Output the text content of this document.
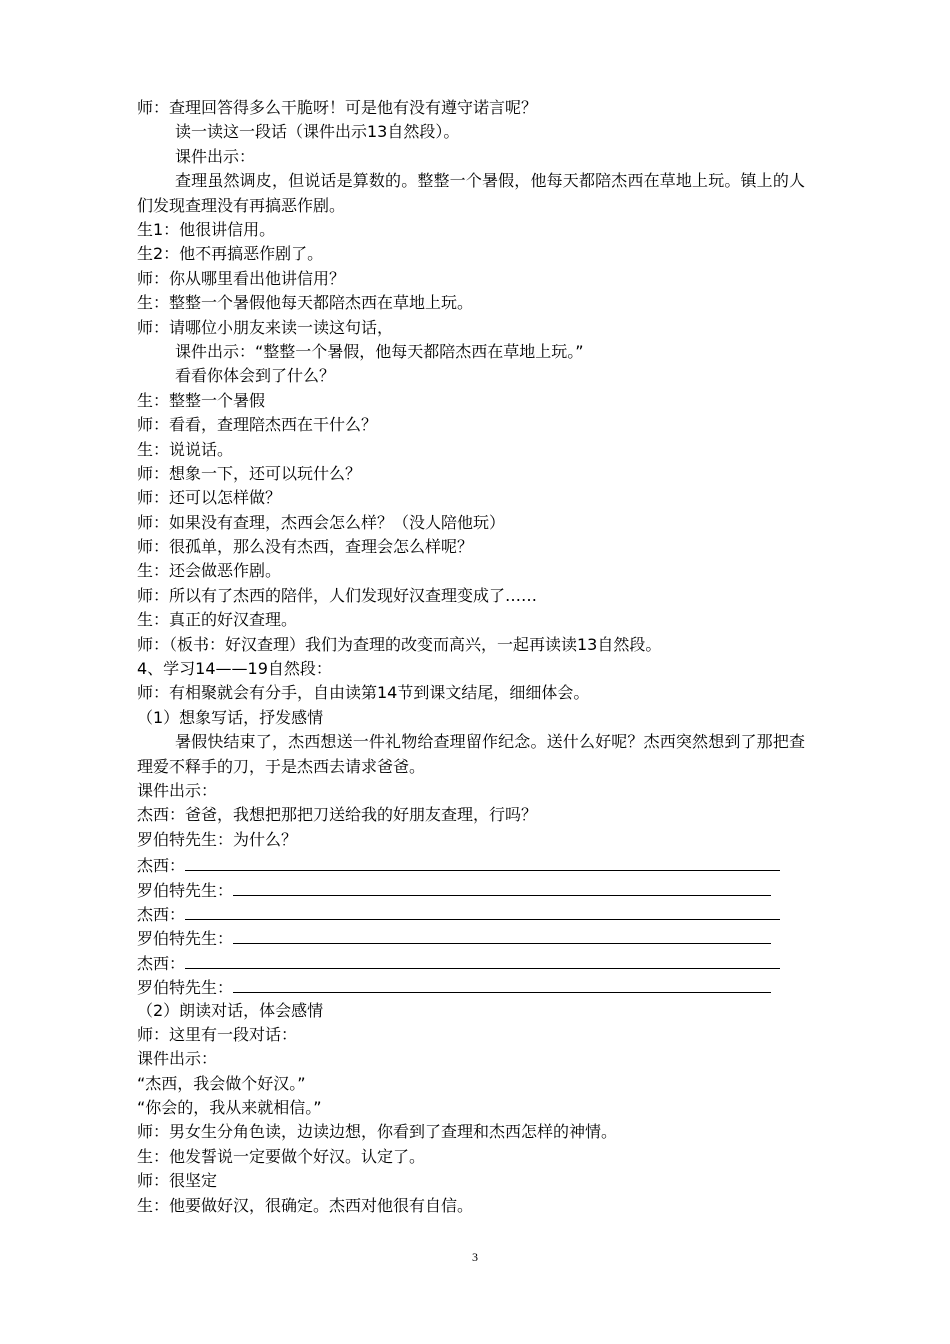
师：查理回答得多么干脆呀！可是他有没有遵守诺言呢？
读一读这一段话（课件出示13自然段）。
课件出示：
查理虽然调皮，但说话是算数的。整整一个暑假，他每天都陪杰西在草地上玩。镇上的人们发现查理没有再搞恶作剧。
生1：他很讲信用。
生2：他不再搞恶作剧了。
师：你从哪里看出他讲信用？
生：整整一个暑假他每天都陪杰西在草地上玩。
师：请哪位小朋友来读一读这句话，
课件出示：“整整一个暑假，他每天都陪杰西在草地上玩。”
看看你体会到了什么？
生：整整一个暑假
师：看看，查理陪杰西在干什么？
生：说说话。
师：想象一下，还可以玩什么？
师：还可以怎样做？
师：如果没有查理，杰西会怎么样？（没人陪他玩）
师：很孤单，那么没有杰西，查理会怎么样呢？
生：还会做恶作剧。
师：所以有了杰西的陪伴，人们发现好汉查理变成了……
生：真正的好汉查理。
师：（板书：好汉查理）我们为查理的改变而高兴，一起再读读13自然段。
4、学习14——19自然段：
师：有相聚就会有分手，自由读第14节到课文结尾，细细体会。
（1）想象写话，抒发感情
暑假快结束了，杰西想送一件礼物给查理留作纪念。送什么好呢？杰西突然想到了那把查理爱不释手的刀，于是杰西去请求爸爸。
课件出示：
杰西：爸爸，我想把那把刀送给我的好朋友查理，行吗？
罗伯特先生：为什么？
杰西：
罗伯特先生：
杰西：
罗伯特先生：
杰西：
罗伯特先生：
（2）朗读对话，体会感情
师：这里有一段对话：
课件出示：
“杰西，我会做个好汉。”
“你会的，我从来就相信。”
师：男女生分角色读，边读边想，你看到了查理和杰西怎样的神情。
生：他发誓说一定要做个好汉。认定了。
师：很坚定
生：他要做好汉，很确定。杰西对他很有自信。
3
